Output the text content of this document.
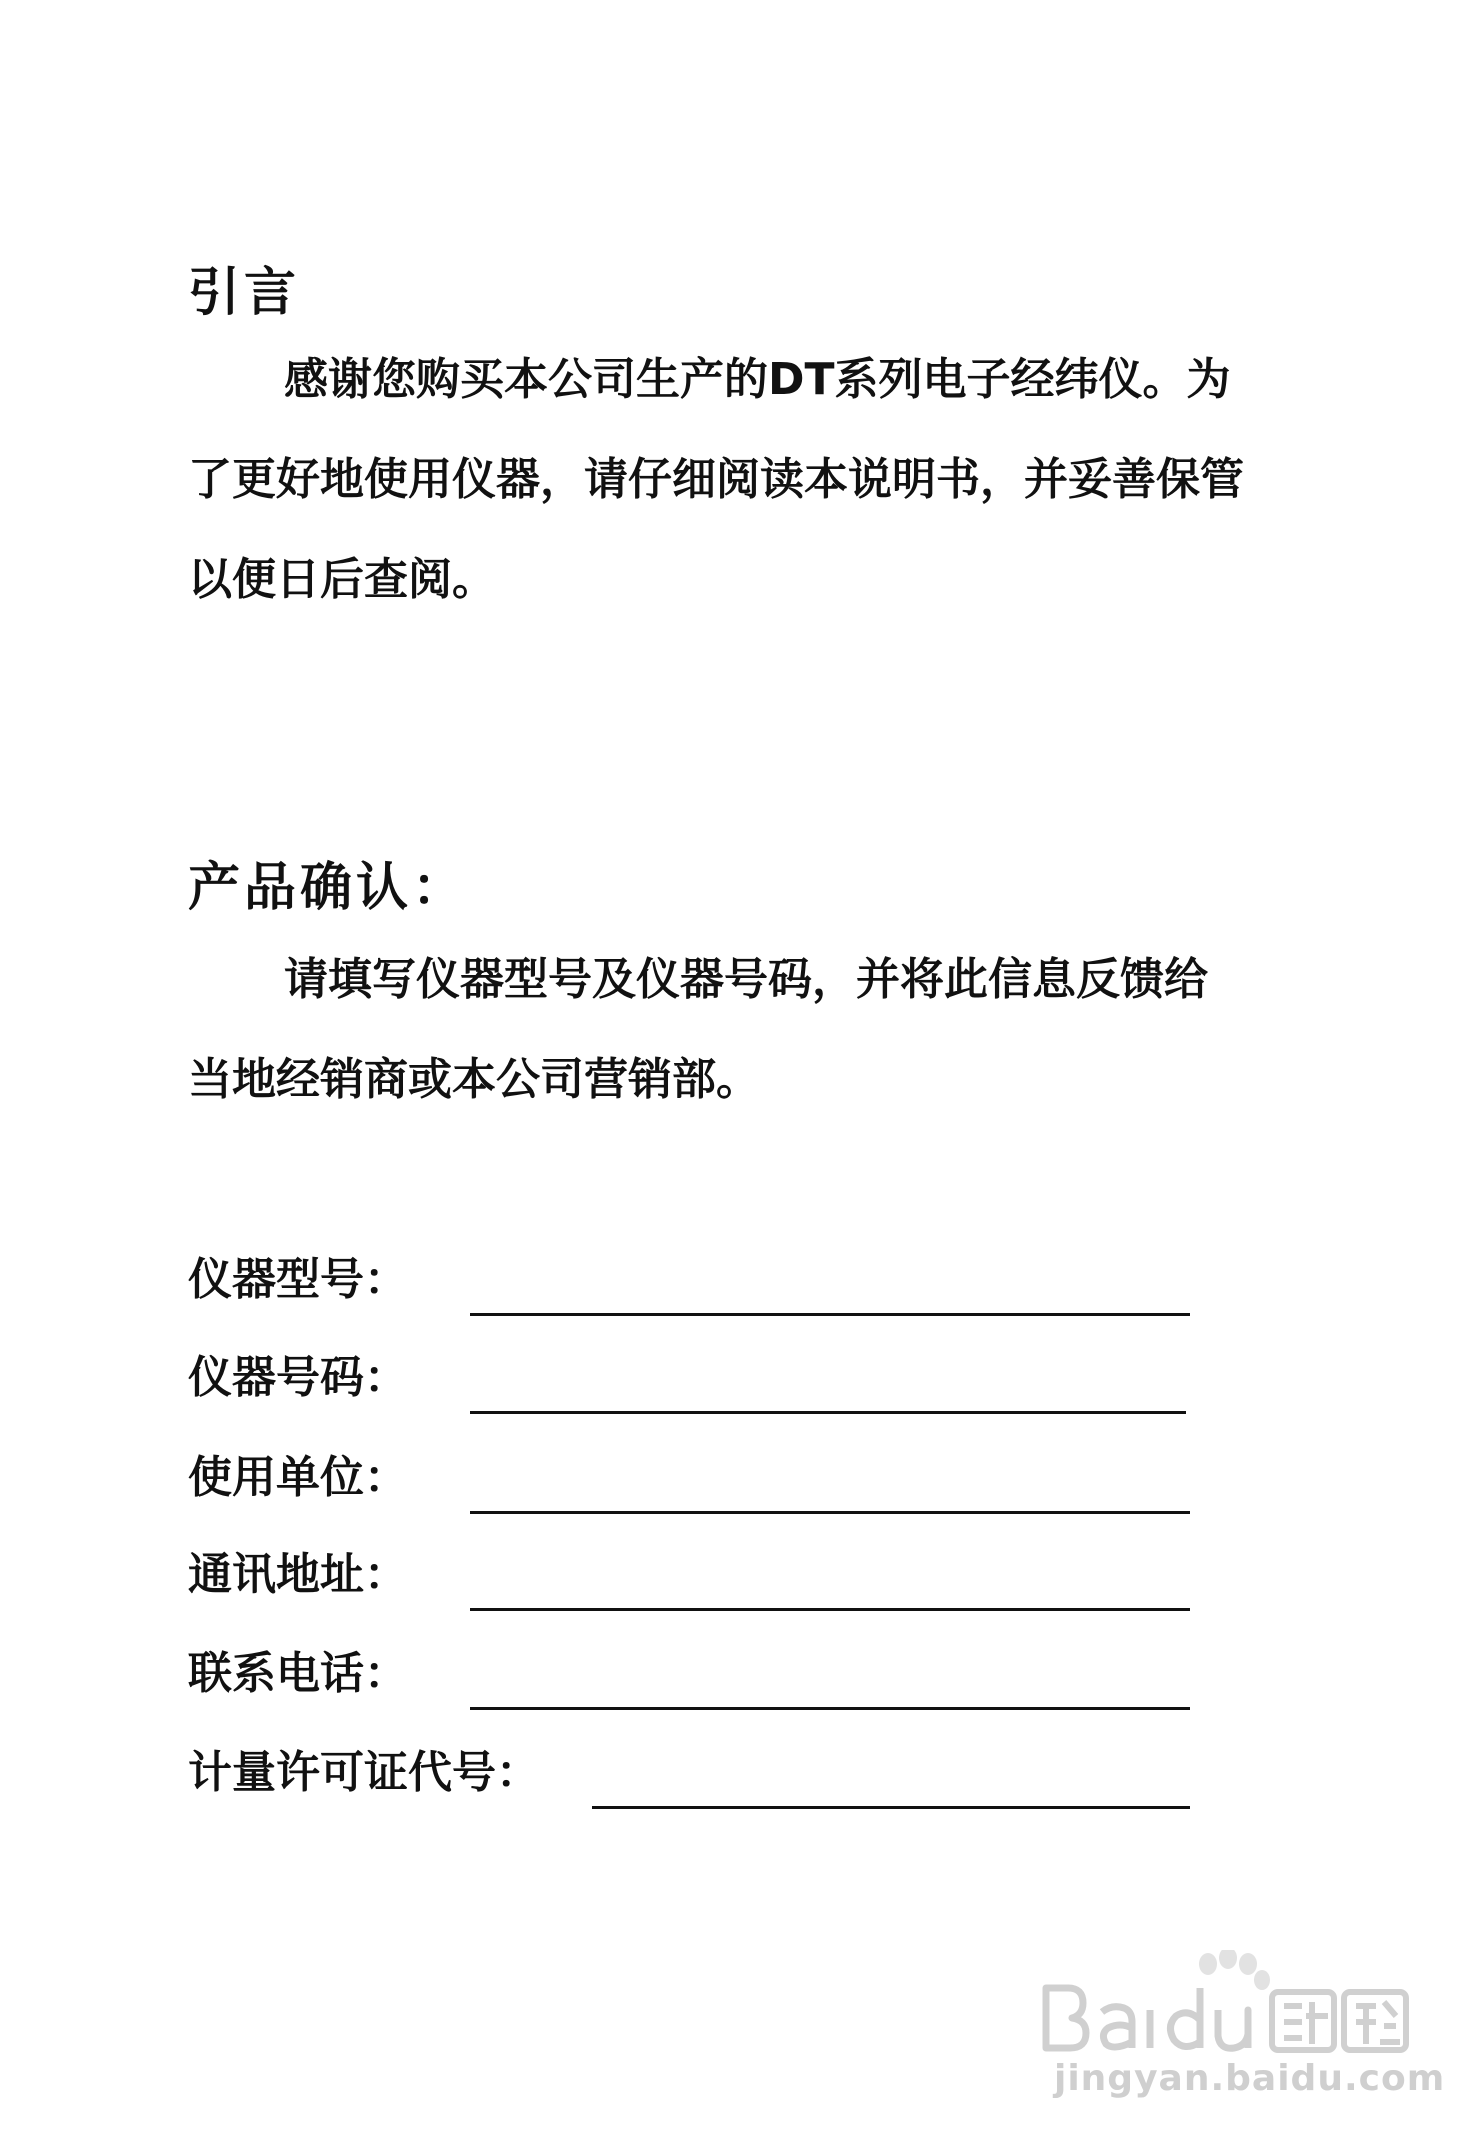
引言
感谢您购买本公司生产的DT系列电子经纬仪。为
了更好地使用仪器，请仔细阅读本说明书，并妥善保管
以便日后查阅。
产品确认：
请填写仪器型号及仪器号码，并将此信息反馈给
当地经销商或本公司营销部。
仪器型号：
仪器号码：
使用单位：
通讯地址：
联系电话：
计量许可证代号：
jingyan.baidu.com
